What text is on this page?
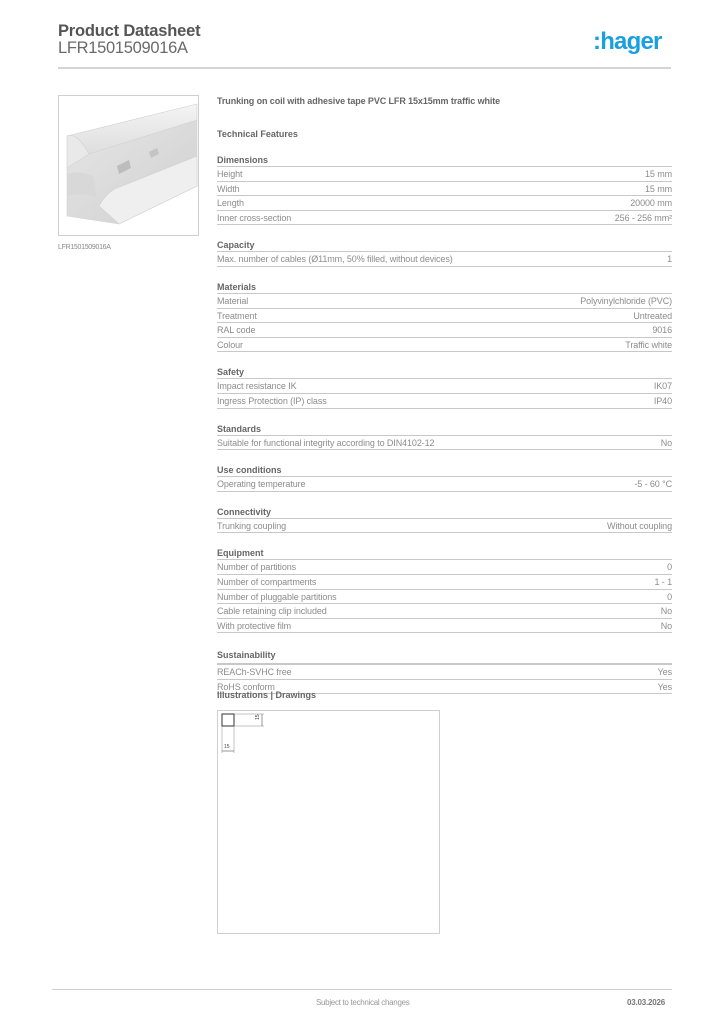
Product Datasheet
LFR1501509016A	:hager
LFR1501509016A
Trunking on coil with adhesive tape PVC LFR 15x15mm traffic white
Technical Features
Dimensions
Height	15 mm
Width	15 mm
Length	20000 mm
Inner cross-section	256 - 256 mm²
Capacity
Max. number of cables (Ø11mm, 50% filled, without devices)	1
Materials
Material	Polyvinylchloride (PVC)
Treatment	Untreated
RAL code	9016
Colour	Traffic white
Safety
Impact resistance IK	IK07
Ingress Protection (IP) class	IP40
Standards
Suitable for functional integrity according to DIN4102-12	No
Use conditions
Operating temperature	-5 - 60 °C
Connectivity
Trunking coupling	Without coupling
Equipment
Number of partitions	0
Number of compartments	1 - 1
Number of pluggable partitions	0
Cable retaining clip included	No
With protective film	No
Sustainability
REACh-SVHC free	Yes
RoHS conform	Yes
Illustrations | Drawings
15
15
Subject to technical changes	03.03.2026
